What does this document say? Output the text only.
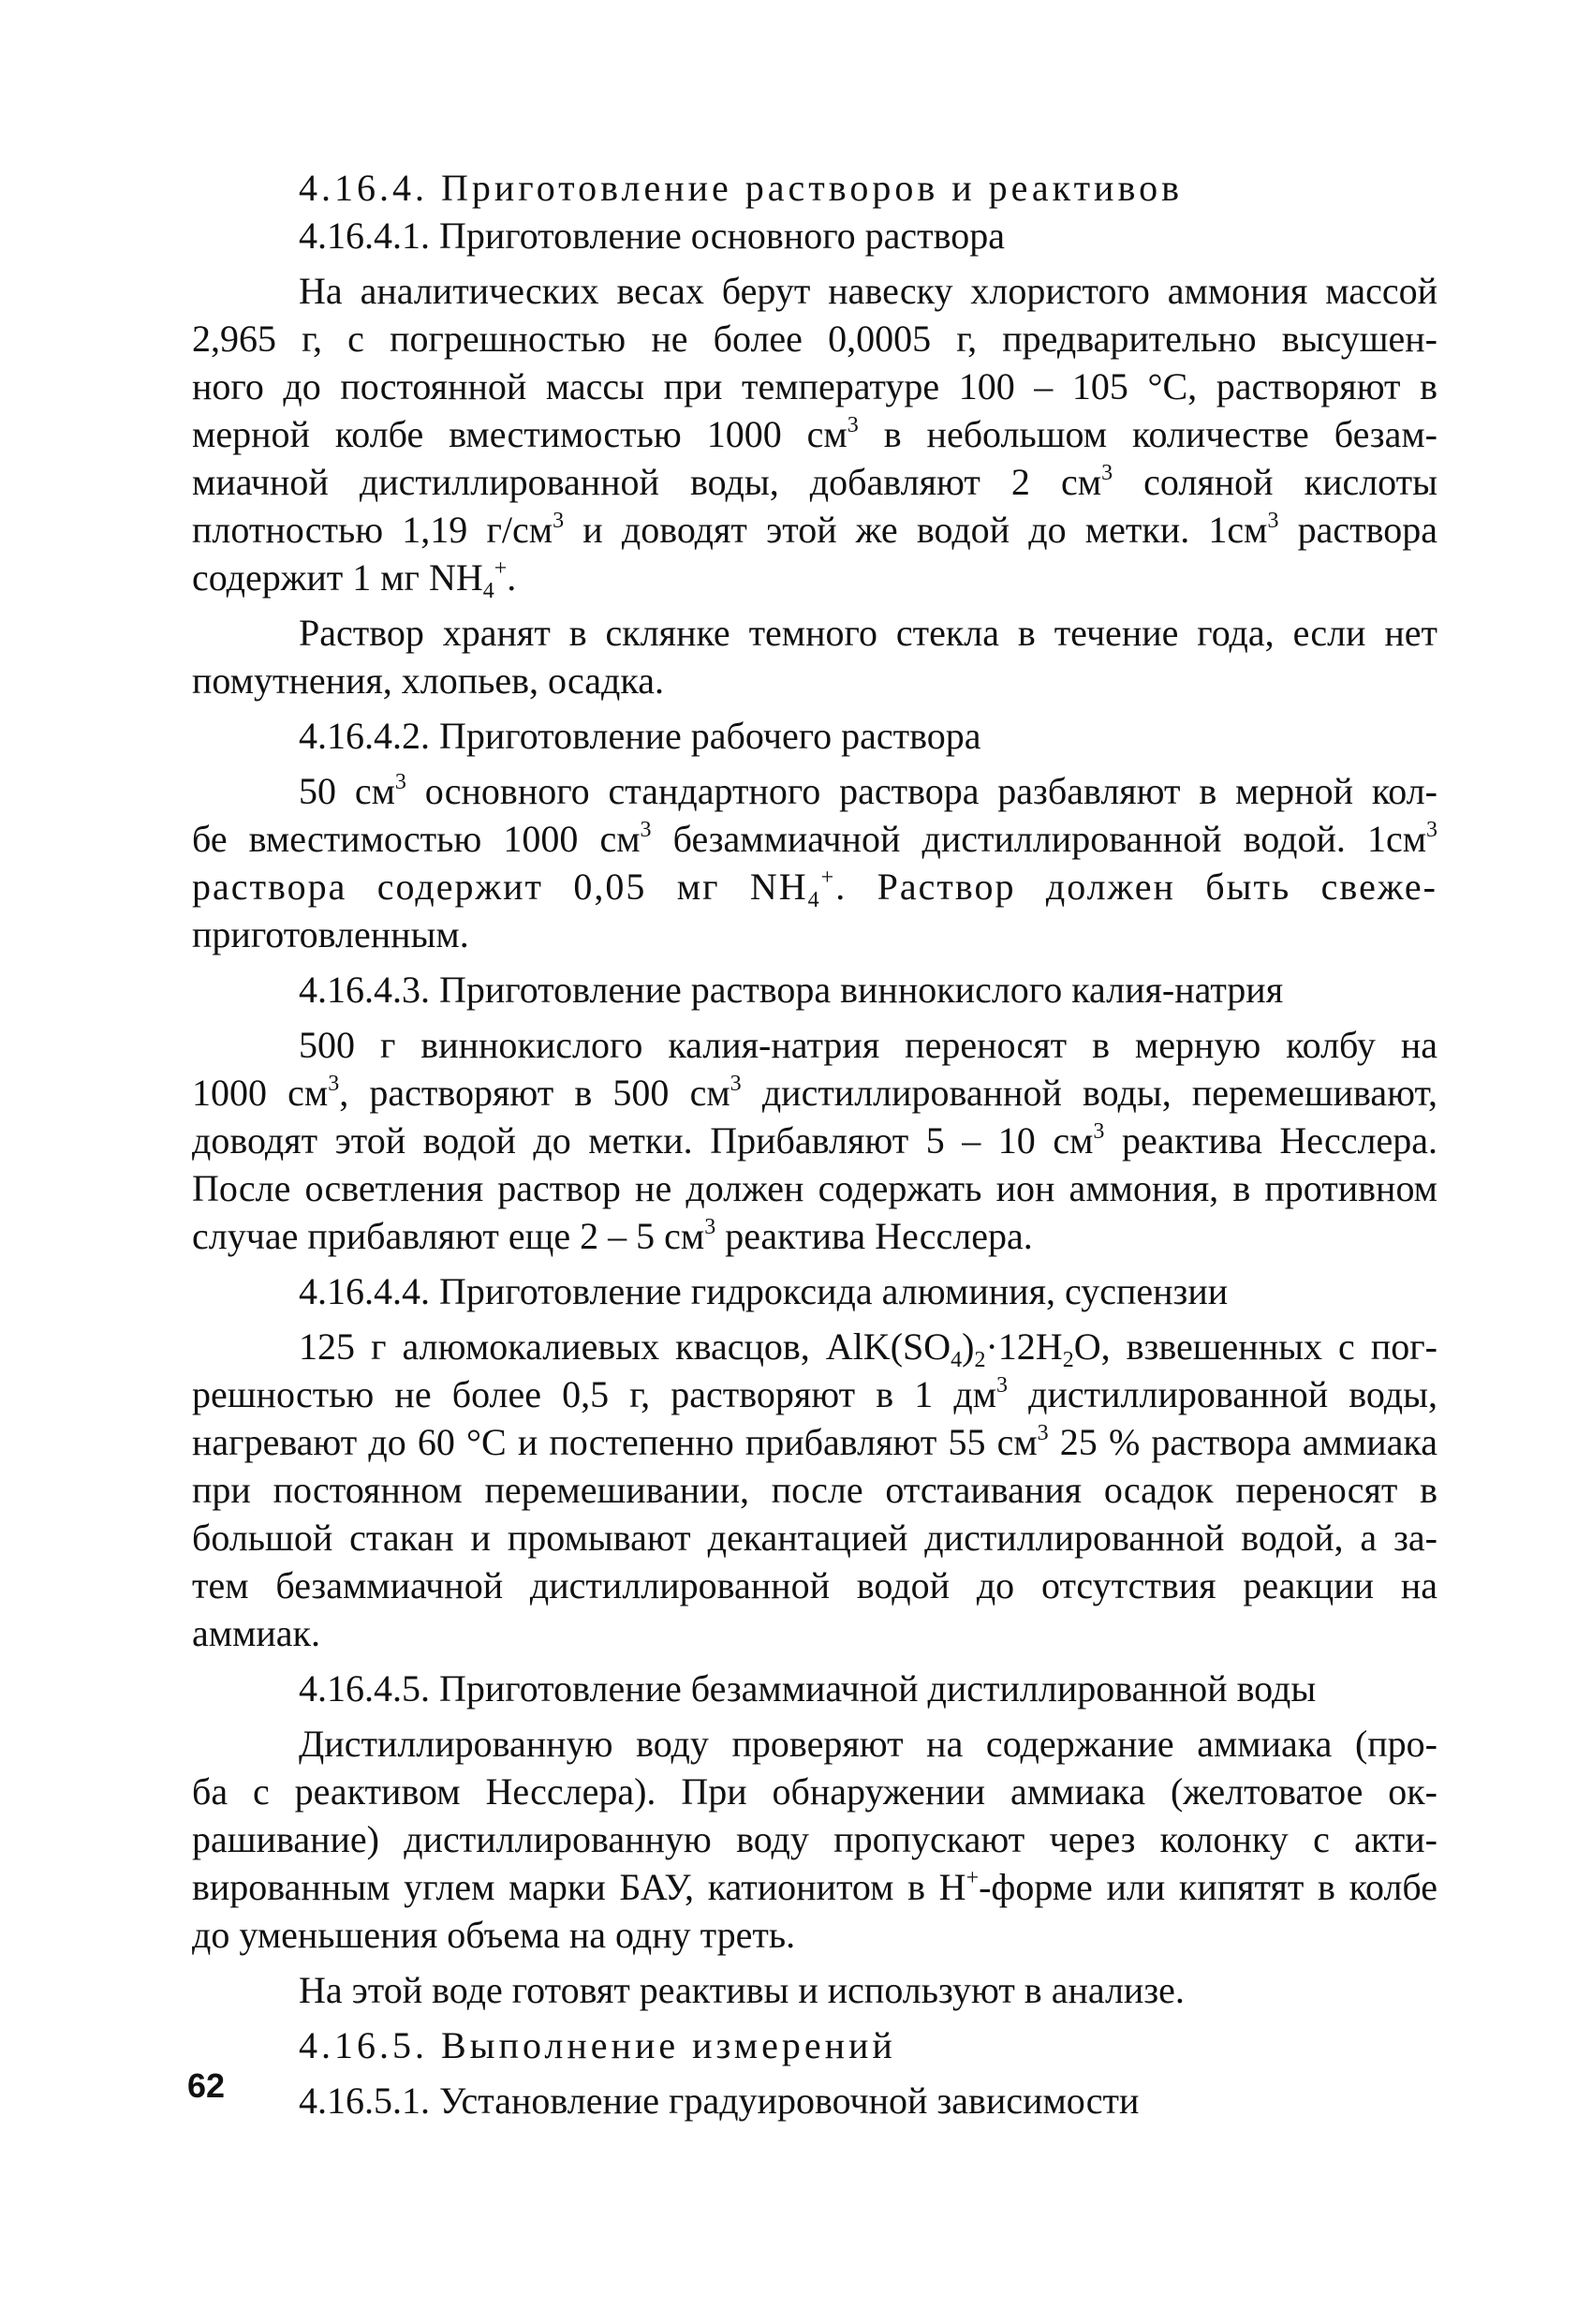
4.16.4. Приготовление растворов и реактивов
4.16.4.1. Приготовление основного раствора
На аналитических весах берут навеску хлористого аммония массой
2,965 г, с погрешностью не более 0,0005 г, предварительно высушен-
ного до постоянной массы при температуре 100 – 105 °С, растворяют в
мерной колбе вместимостью 1000 $см^3$ в небольшом количестве безам-
миачной дистиллированной воды, добавляют 2 $см^3$ соляной кислоты
плотностью 1,19 $г/см^3$ и доводят этой же водой до метки. $1см^3$ раствора
содержит 1 мг $NH_4^+$.
Раствор хранят в склянке темного стекла в течение года, если нет
помутнения, хлопьев, осадка.
4.16.4.2. Приготовление рабочего раствора
50 $см^3$ основного стандартного раствора разбавляют в мерной кол-
бе вместимостью 1000 $см^3$ безаммиачной дистиллированной водой. $1см^3$
раствора содержит 0,05 мг $NH_4^+$. Раствор должен быть свеже-
приготовленным.
4.16.4.3. Приготовление раствора виннокислого калия-натрия
500 г виннокислого калия-натрия переносят в мерную колбу на
1000 $см^3$, растворяют в 500 $см^3$ дистиллированной воды, перемешивают,
доводят этой водой до метки. Прибавляют 5 – 10 $см^3$ реактива Несслера.
После осветления раствор не должен содержать ион аммония, в противном
случае прибавляют еще 2 – 5 $см^3$ реактива Несслера.
4.16.4.4. Приготовление гидроксида алюминия, суспензии
125 г алюмокалиевых квасцов, $AlK(SO_4)_2\cdot 12H_2O$, взвешенных с пог-
решностью не более 0,5 г, растворяют в 1 $дм^3$ дистиллированной воды,
нагревают до 60 °С и постепенно прибавляют 55 $см^3$ 25 % раствора аммиака
при постоянном перемешивании, после отстаивания осадок переносят в
большой стакан и промывают декантацией дистиллированной водой, а за-
тем безаммиачной дистиллированной водой до отсутствия реакции на
аммиак.
4.16.4.5. Приготовление безаммиачной дистиллированной воды
Дистиллированную воду проверяют на содержание аммиака (про-
ба с реактивом Несслера). При обнаружении аммиака (желтоватое ок-
рашивание) дистиллированную воду пропускают через колонку с акти-
вированным углем марки БАУ, катионитом в Н+-форме или кипятят в колбе
до уменьшения объема на одну треть.
На этой воде готовят реактивы и используют в анализе.
4.16.5. Выполнение измерений
4.16.5.1. Установление градуировочной зависимости
62
